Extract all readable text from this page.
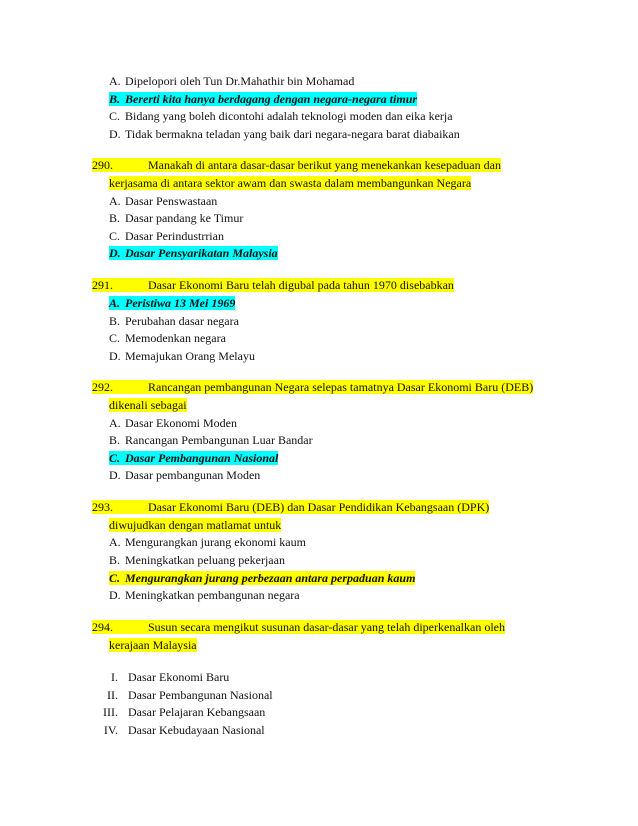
A. Dipelopori oleh Tun Dr.Mahathir bin Mohamad
B. Bererti kita hanya berdagang dengan negara-negara timur
C. Bidang yang boleh dicontohi adalah teknologi moden dan eika kerja
D. Tidak bermakna teladan yang baik dari negara-negara barat diabaikan
290.	Manakah di antara dasar-dasar berikut yang menekankan kesepaduan dan
kerjasama di antara sektor awam dan swasta dalam membangunkan Negara
A. Dasar Penswastaan
B. Dasar pandang ke Timur
C. Dasar Perindustrrian
D. Dasar Pensyarikatan Malaysia
291.	Dasar Ekonomi Baru telah digubal pada tahun 1970 disebabkan
A. Peristiwa 13 Mei 1969
B. Perubahan dasar negara
C. Memodenkan negara
D. Memajukan Orang Melayu
292.	Rancangan pembangunan Negara selepas tamatnya Dasar Ekonomi Baru (DEB)
dikenali sebagai
A. Dasar Ekonomi Moden
B. Rancangan Pembangunan Luar Bandar
C. Dasar Pembangunan Nasional
D. Dasar pembangunan Moden
293.	Dasar Ekonomi Baru (DEB) dan Dasar Pendidikan Kebangsaan (DPK)
diwujudkan dengan matlamat untuk
A. Mengurangkan jurang ekonomi kaum
B. Meningkatkan peluang pekerjaan
C. Mengurangkan jurang perbezaan antara perpaduan kaum
D. Meningkatkan pembangunan negara
294.	Susun secara mengikut susunan dasar-dasar yang telah diperkenalkan oleh
kerajaan Malaysia
I. Dasar Ekonomi Baru
II. Dasar Pembangunan Nasional
III. Dasar Pelajaran Kebangsaan
IV. Dasar Kebudayaan Nasional
